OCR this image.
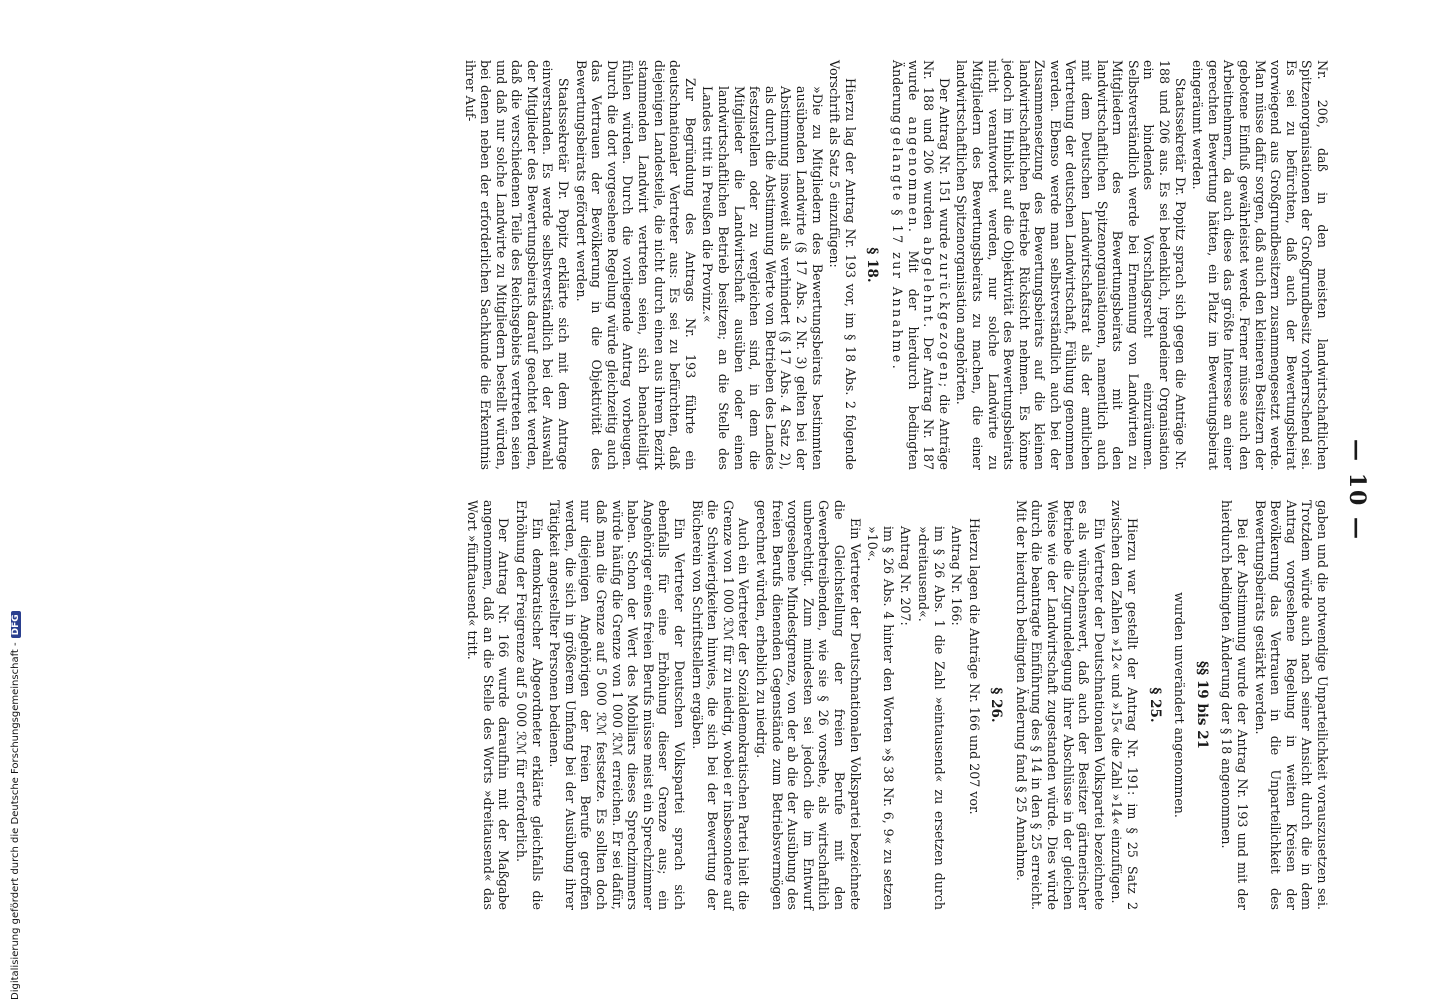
— 10 —

Nr. 206, daß in den meisten landwirtschaftlichen Spitzenorganisationen der Großgrundbesitz vorherrschend sei. Es sei zu befürchten, daß auch der Bewertungsbeirat vorwiegend aus Großgrundbesitzern zusammengesetzt werde. Man müsse dafür sorgen, daß auch den kleineren Besitzern der gebotene Einfluß gewährleistet werde. Ferner müsse auch den Arbeitnehmern, da auch diese das größte Interesse an einer gerechten Bewertung hätten, ein Platz im Bewertungsbeirat eingeräumt werden.

Staatssekretär Dr. Popitz sprach sich gegen die Anträge Nr. 188 und 206 aus. Es sei bedenklich, irgendeiner Organisation ein bindendes Vorschlagsrecht einzuräumen. Selbstverständlich werde bei Ernennung von Landwirten zu Mitgliedern des Bewertungsbeirats mit den landwirtschaftlichen Spitzenorganisationen, namentlich auch mit dem Deutschen Landwirtschaftsrat als der amtlichen Vertretung der deutschen Landwirtschaft, Fühlung genommen werden. Ebenso werde man selbstverständlich auch bei der Zusammensetzung des Bewertungsbeirats auf die kleinen landwirtschaftlichen Betriebe Rücksicht nehmen. Es könne jedoch im Hinblick auf die Objektivität des Bewertungsbeirats nicht verantwortet werden, nur solche Landwirte zu Mitgliedern des Bewertungsbeirats zu machen, die einer landwirtschaftlichen Spitzenorganisation angehörten.

Der Antrag Nr. 151 wurde zurückgezogen; die Anträge Nr. 188 und 206 wurden abgelehnt. Der Antrag Nr. 187 wurde angenommen. Mit der hierdurch bedingten Änderung gelangte § 17 zur Annahme.

§ 18.

Hierzu lag der Antrag Nr. 193 vor, im § 18 Abs. 2 folgende Vorschrift als Satz 5 einzufügen:

»Die zu Mitgliedern des Bewertungsbeirats bestimmten ausübenden Landwirte (§ 17 Abs. 2 Nr. 3) gelten bei der Abstimmung insoweit als verhindert (§ 17 Abs. 4 Satz 2), als durch die Abstimmung Werte von Betrieben des Landes festzustellen oder zu vergleichen sind, in dem die Mitglieder die Landwirtschaft ausüben oder einen landwirtschaftlichen Betrieb besitzen; an die Stelle des Landes tritt in Preußen die Provinz.«

Zur Begründung des Antrags Nr. 193 führte ein deutschnationaler Vertreter aus: Es sei zu befürchten, daß diejenigen Landesteile, die nicht durch einen aus ihrem Bezirk stammenden Landwirt vertreten seien, sich benachteiligt fühlen würden. Durch die vorliegende Antrag vorbeugen. Durch die dort vorgesehene Regelung würde gleichzeitig auch das Vertrauen der Bevölkerung in die Objektivität des Bewertungsbeirats gefördert werden.

Staatssekretär Dr. Popitz erklärte sich mit dem Antrage einverstanden. Es werde selbstverständlich bei der Auswahl der Mitglieder des Bewertungsbeirats darauf geachtet werden, daß die verschiedenen Teile des Reichsgebiets vertreten seien und daß nur solche Landwirte zu Mitgliedern bestellt würden, bei denen neben der erforderlichen Sachkunde die Erkenntnis ihrer Auf-

gaben und die notwendige Unparteilichkeit vorauszusetzen sei. Trotzdem würde auch nach seiner Ansicht durch die in dem Antrag vorgesehene Regelung in weiten Kreisen der Bevölkerung das Vertrauen in die Unparteilichkeit des Bewertungsbeirats gestärkt werden.

Bei der Abstimmung wurde der Antrag Nr. 193 und mit der hierdurch bedingten Änderung der § 18 angenommen.

§§ 19 bis 21

wurden unverändert angenommen.

§ 25.

Hierzu war gestellt der Antrag Nr. 191: im § 25 Satz 2 zwischen den Zahlen »12« und »15« die Zahl »14« einzufügen.

Ein Vertreter der Deutschnationalen Volkspartei bezeichnete es als wünschenswert, daß auch der Besitzer gärtnerischer Betriebe die Zugrundelegung ihrer Abschlüsse in der gleichen Weise wie der Landwirtschaft zugestanden würde. Dies würde durch die beantragte Einführung des § 14 in den § 25 erreicht. Mit der hierdurch bedingten Änderung fand § 25 Annahme.

§ 26.

Hierzu lagen die Anträge Nr. 166 und 207 vor.

Antrag Nr. 166:

im § 26 Abs. 1 die Zahl »eintausend« zu ersetzen durch »dreitausend«.

Antrag Nr. 207:

im § 26 Abs. 4 hinter den Worten »§ 38 Nr. 6, 9« zu setzen »10«.

Ein Vertreter der Deutschnationalen Volkspartei bezeichnete die Gleichstellung der freien Berufe mit den Gewerbetreibenden, wie sie § 26 vorsehe, als wirtschaftlich unberechtigt. Zum mindesten sei jedoch die im Entwurf vorgesehene Mindestgrenze, von der ab die der Ausübung des freien Berufs dienenden Gegenstände zum Betriebsvermögen gerechnet würden, erheblich zu niedrig.

Auch ein Vertreter der Sozialdemokratischen Partei hielt die Grenze von 1 000 ℛℳ für zu niedrig, wobei er insbesondere auf die Schwierigkeiten hinwies, die sich bei der Bewertung der Bücherein von Schriftstellern ergäben.

Ein Vertreter der Deutschen Volkspartei sprach sich ebenfalls für eine Erhöhung dieser Grenze aus; ein Angehöriger eines freien Berufs müsse meist ein Sprechzimmer haben. Schon der Wert des Mobiliars dieses Sprechzimmers würde häufig die Grenze von 1 000 ℛℳ erreichen. Er sei dafür, daß man die Grenze auf 5 000 ℛℳ festsetze. Es sollten doch nur diejenigen Angehörigen der freien Berufe getroffen werden, die sich in größerem Umfang bei der Ausübung ihrer Tätigkeit angestellter Personen bedienen.

Ein demokratischer Abgeordneter erklärte gleichfalls die Erhöhung der Freigrenze auf 5 000 ℛℳ für erforderlich.

Der Antrag Nr. 166 wurde daraufhin mit der Maßgabe angenommen, daß an die Stelle des Worts »dreitausend« das Wort »fünftausend« tritt.

Digitalisierung gefördert durch die Deutsche Forschungsgemeinschaft -DFG
